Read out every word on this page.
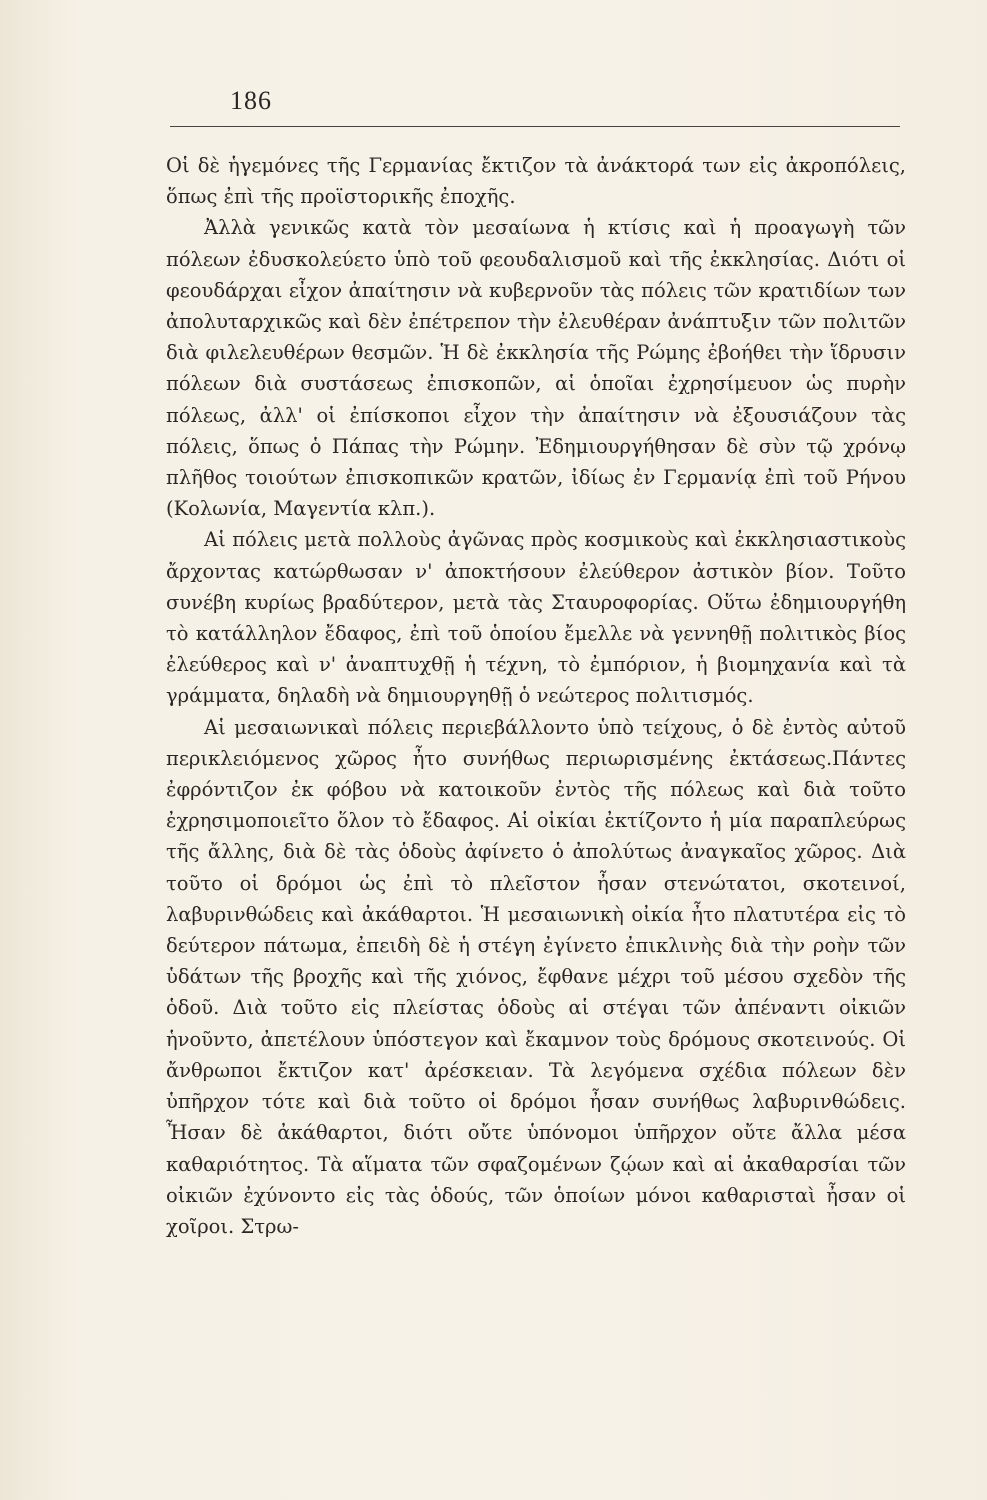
186

Οἱ δὲ ἡγεμόνες τῆς Γερμανίας ἔκτιζον τὰ ἀνάκτορά των εἰς ἀκροπόλεις, ὅπως ἐπὶ τῆς προϊστορικῆς ἐποχῆς.

Ἀλλὰ γενικῶς κατὰ τὸν μεσαίωνα ἡ κτίσις καὶ ἡ προαγωγὴ τῶν πόλεων ἐδυσκολεύετο ὑπὸ τοῦ φεουδαλισμοῦ καὶ τῆς ἐκκλησίας. Διότι οἱ φεουδάρχαι εἶχον ἀπαίτησιν νὰ κυβερνοῦν τὰς πόλεις τῶν κρατιδίων των ἀπολυταρχικῶς καὶ δὲν ἐπέτρεπον τὴν ἐλευθέραν ἀνάπτυξιν τῶν πολιτῶν διὰ φιλελευθέρων θεσμῶν. Ἡ δὲ ἐκκλησία τῆς Ρώμης ἐβοήθει τὴν ἵδρυσιν πόλεων διὰ συστάσεως ἐπισκοπῶν, αἱ ὁποῖαι ἐχρησίμευον ὡς πυρὴν πόλεως, ἀλλ' οἱ ἐπίσκοποι εἶχον τὴν ἀπαίτησιν νὰ ἐξουσιάζουν τὰς πόλεις, ὅπως ὁ Πάπας τὴν Ρώμην. Ἐδημιουργήθησαν δὲ σὺν τῷ χρόνῳ πλῆθος τοιούτων ἐπισκοπικῶν κρατῶν, ἰδίως ἐν Γερμανίᾳ ἐπὶ τοῦ Ρήνου (Κολωνία, Μαγεντία κλπ.).

Αἱ πόλεις μετὰ πολλοὺς ἀγῶνας πρὸς κοσμικοὺς καὶ ἐκκλησιαστικοὺς ἄρχοντας κατώρθωσαν ν' ἀποκτήσουν ἐλεύθερον ἀστικὸν βίον. Τοῦτο συνέβη κυρίως βραδύτερον, μετὰ τὰς Σταυροφορίας. Οὕτω ἐδημιουργήθη τὸ κατάλληλον ἔδαφος, ἐπὶ τοῦ ὁποίου ἔμελλε νὰ γεννηθῇ πολιτικὸς βίος ἐλεύθερος καὶ ν' ἀναπτυχθῇ ἡ τέχνη, τὸ ἐμπόριον, ἡ βιομηχανία καὶ τὰ γράμματα, δηλαδὴ νὰ δημιουργηθῇ ὁ νεώτερος πολιτισμός.

Αἱ μεσαιωνικαὶ πόλεις περιεβάλλοντο ὑπὸ τείχους, ὁ δὲ ἐντὸς αὐτοῦ περικλειόμενος χῶρος ἦτο συνήθως περιωρισμένης ἐκτάσεως.Πάντες ἐφρόντιζον ἐκ φόβου νὰ κατοικοῦν ἐντὸς τῆς πόλεως καὶ διὰ τοῦτο ἐχρησιμοποιεῖτο ὅλον τὸ ἔδαφος. Αἱ οἰκίαι ἐκτίζοντο ἡ μία παραπλεύρως τῆς ἄλλης, διὰ δὲ τὰς ὁδοὺς ἀφίνετο ὁ ἀπολύτως ἀναγκαῖος χῶρος. Διὰ τοῦτο οἱ δρόμοι ὡς ἐπὶ τὸ πλεῖστον ἦσαν στενώτατοι, σκοτεινοί, λαβυρινθώδεις καὶ ἀκάθαρτοι. Ἡ μεσαιωνικὴ οἰκία ἦτο πλατυτέρα εἰς τὸ δεύτερον πάτωμα, ἐπειδὴ δὲ ἡ στέγη ἐγίνετο ἐπικλινὴς διὰ τὴν ροὴν τῶν ὑδάτων τῆς βροχῆς καὶ τῆς χιόνος, ἔφθανε μέχρι τοῦ μέσου σχεδὸν τῆς ὁδοῦ. Διὰ τοῦτο εἰς πλείστας ὁδοὺς αἱ στέγαι τῶν ἀπέναντι οἰκιῶν ἡνοῦντο, ἀπετέλουν ὑπόστεγον καὶ ἔκαμνον τοὺς δρόμους σκοτεινούς. Οἱ ἄνθρωποι ἔκτιζον κατ' ἀρέσκειαν. Τὰ λεγόμενα σχέδια πόλεων δὲν ὑπῆρχον τότε καὶ διὰ τοῦτο οἱ δρόμοι ἦσαν συνήθως λαβυρινθώδεις. Ἦσαν δὲ ἀκάθαρτοι, διότι οὔτε ὑπόνομοι ὑπῆρχον οὔτε ἄλλα μέσα καθαριότητος. Τὰ αἵματα τῶν σφαζομένων ζῴων καὶ αἱ ἀκαθαρσίαι τῶν οἰκιῶν ἐχύνοντο εἰς τὰς ὁδούς, τῶν ὁποίων μόνοι καθαρισταὶ ἦσαν οἱ χοῖροι. Στρω-
